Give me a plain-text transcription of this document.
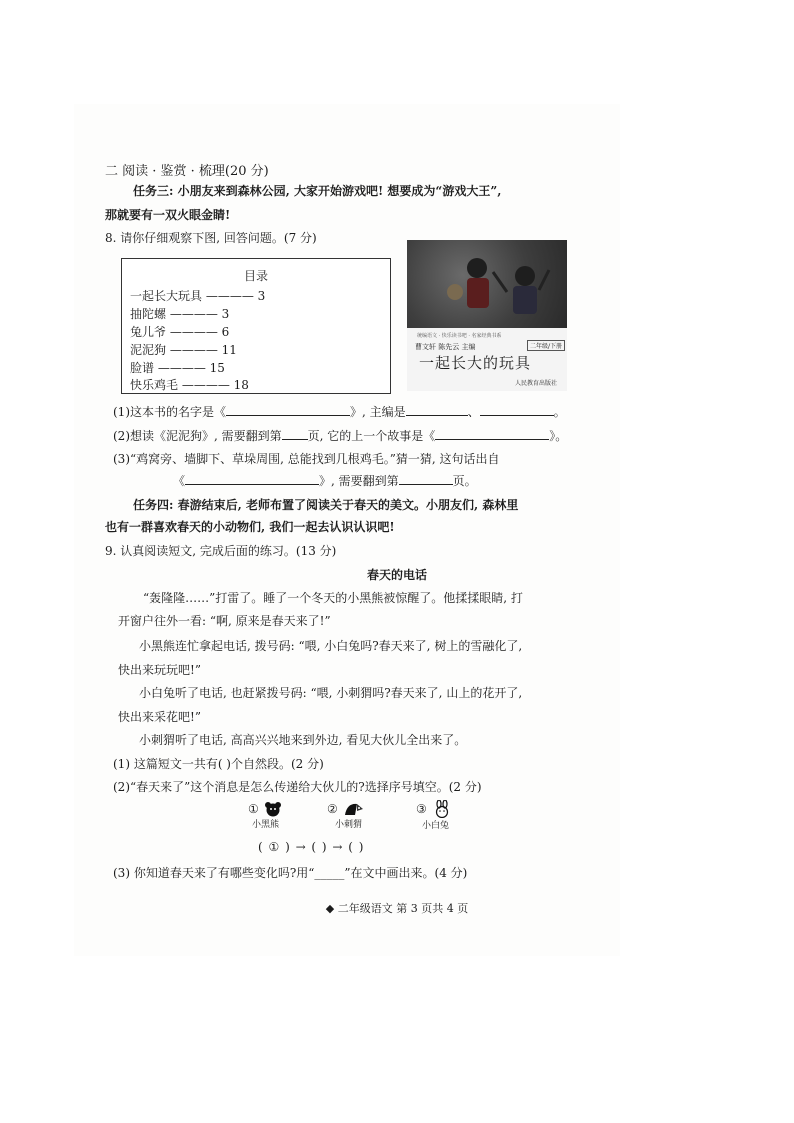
二 阅读 · 鉴赏 · 梳理(20 分)
任务三: 小朋友来到森林公园, 大家开始游戏吧! 想要成为“游戏大王”,
那就要有一双火眼金睛!
8. 请你仔细观察下图, 回答问题。(7 分)
目录
一起长大玩具 ———— 3
抽陀螺 ———— 3
兔儿爷 ———— 6
泥泥狗 ———— 11
脸谱 ———— 15
快乐鸡毛 ———— 18
统编语文 · 快乐读书吧 · 名家经典书系
曹文轩 陈先云 主编	二年级/下册
一起长大的玩具
人民教育出版社
(1)这本书的名字是《	》, 主编是	、	。
(2)想读《泥泥狗》, 需要翻到第 页, 它的上一个故事是《	》。
(3)“鸡窝旁、墙脚下、草垛周围, 总能找到几根鸡毛。”猜一猜, 这句话出自
《	》, 需要翻到第	页。
任务四: 春游结束后, 老师布置了阅读关于春天的美文。小朋友们, 森林里
也有一群喜欢春天的小动物们, 我们一起去认识认识吧!
9. 认真阅读短文, 完成后面的练习。(13 分)
春天的电话
“轰隆隆……”打雷了。睡了一个冬天的小黑熊被惊醒了。他揉揉眼睛, 打
开窗户往外一看: “啊, 原来是春天来了!”
小黑熊连忙拿起电话, 拨号码: “喂, 小白兔吗?春天来了, 树上的雪融化了,
快出来玩玩吧!”
小白兔听了电话, 也赶紧拨号码: “喂, 小刺猬吗?春天来了, 山上的花开了,
快出来采花吧!”
小刺猬听了电话, 高高兴兴地来到外边, 看见大伙儿全出来了。
(1) 这篇短文一共有( )个自然段。(2 分)
(2)“春天来了”这个消息是怎么传递给大伙儿的?选择序号填空。(2 分)
①
小黑熊
②
小刺猬
③
小白兔
( ① ) → ( ) → ( )
(3) 你知道春天来了有哪些变化吗?用“_____”在文中画出来。(4 分)
◆ 二年级语文 第 3 页共 4 页
